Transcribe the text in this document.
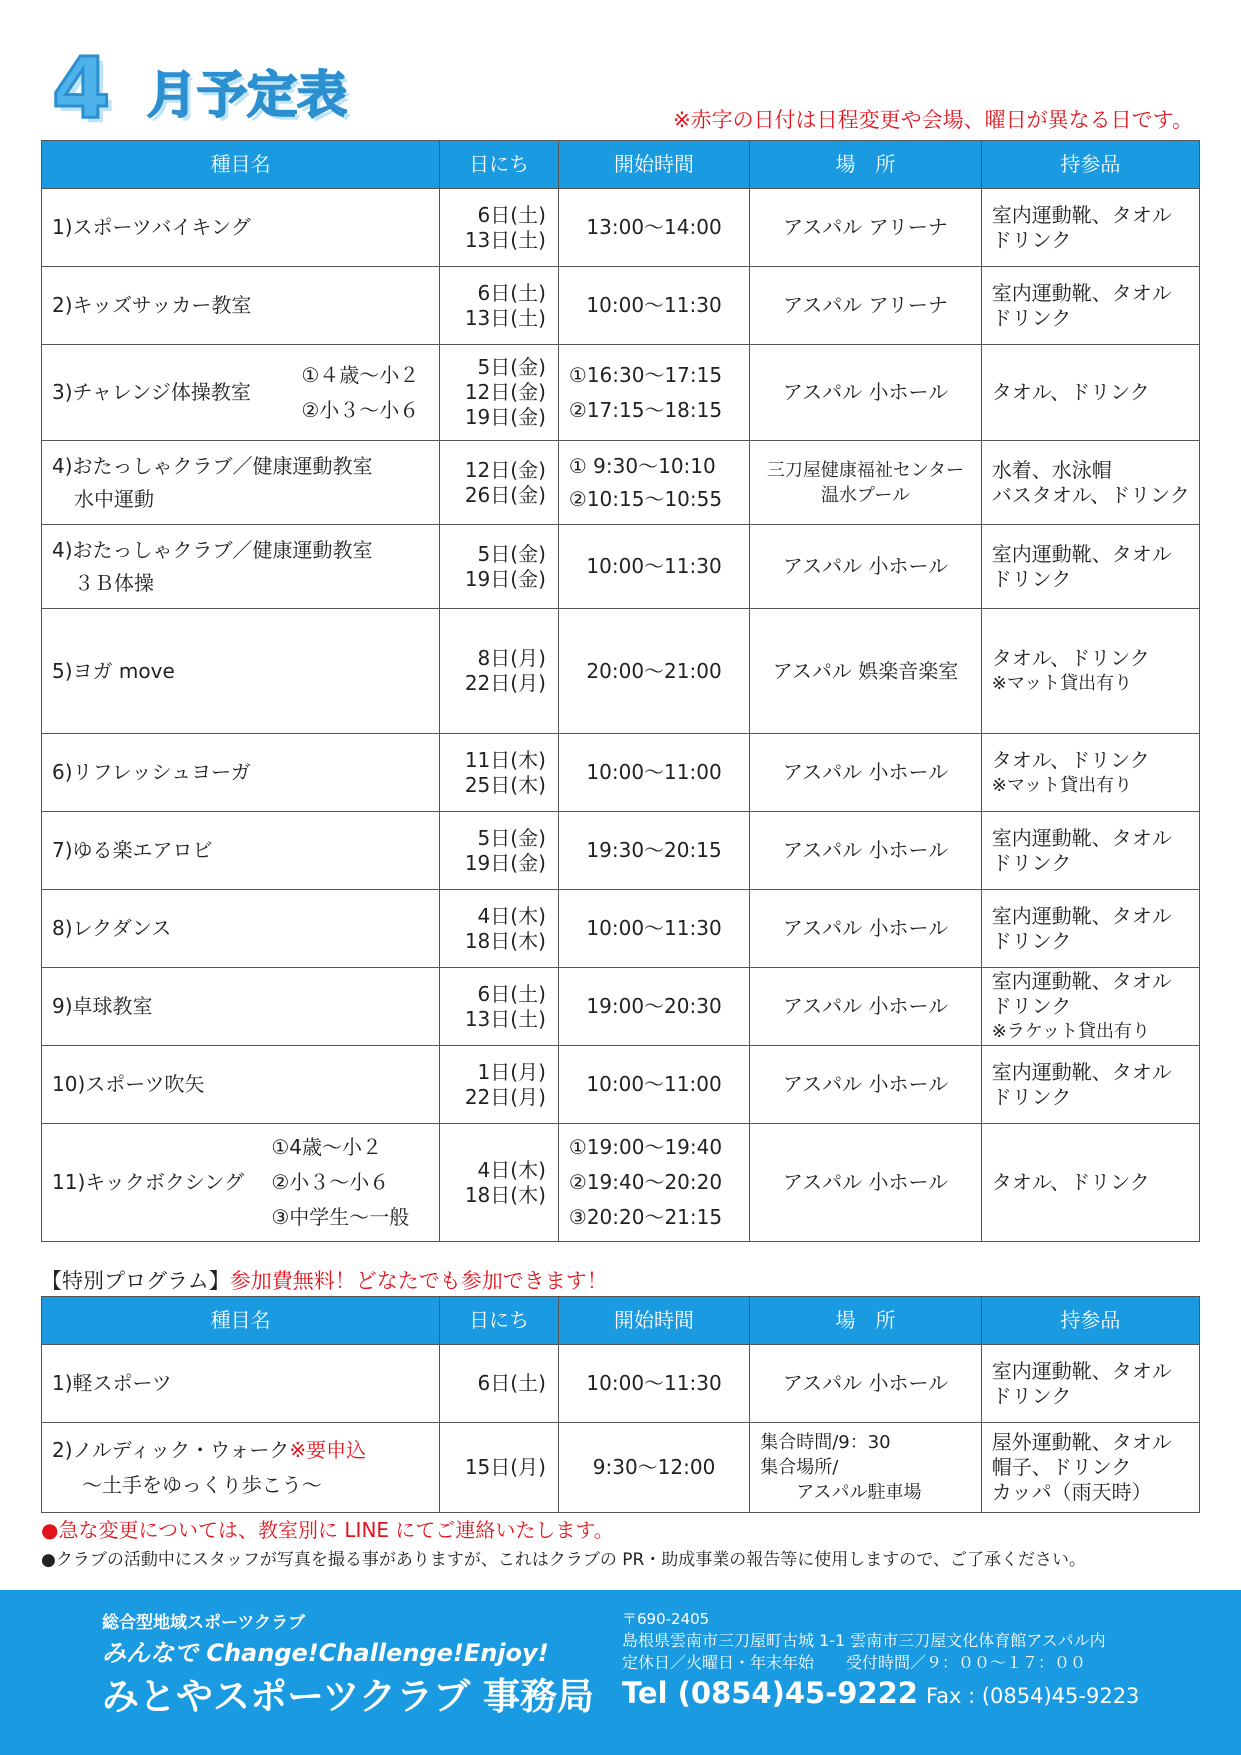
4 月予定表	※赤字の日付は日程変更や会場、曜日が異なる日です。
種目名	日にち	開始時間	場　所	持参品
1)スポーツバイキング	6日(土)
13日(土)	13:00～14:00	アスパル アリーナ	室内運動靴、タオル
ドリンク

2)キッズサッカー教室	6日(土)
13日(土)	10:00～11:30	アスパル アリーナ	室内運動靴、タオル
ドリンク

3)チャレンジ体操教室
①４歳～小２
②小３～小６	5日(金)
12日(金)
19日(金)	①16:30～17:15
②17:15～18:15	アスパル 小ホール	タオル、ドリンク

4)おたっしゃクラブ／健康運動教室
水中運動	12日(金)
26日(金)	① 9:30～10:10
②10:15～10:55	三刀屋健康福祉センター
温水プール	水着、水泳帽
バスタオル、ドリンク

4)おたっしゃクラブ／健康運動教室
３Ｂ体操	5日(金)
19日(金)	10:00～11:30	アスパル 小ホール	室内運動靴、タオル
ドリンク

5)ヨガ move	8日(月)
22日(月)	20:00～21:00	アスパル 娯楽音楽室	タオル、ドリンク
※マット貸出有り

6)リフレッシュヨーガ	11日(木)
25日(木)	10:00～11:00	アスパル 小ホール	タオル、ドリンク
※マット貸出有り

7)ゆる楽エアロビ	5日(金)
19日(金)	19:30～20:15	アスパル 小ホール	室内運動靴、タオル
ドリンク

8)レクダンス	4日(木)
18日(木)	10:00～11:30	アスパル 小ホール	室内運動靴、タオル
ドリンク

9)卓球教室	6日(土)
13日(土)	19:00～20:30	アスパル 小ホール	室内運動靴、タオル
ドリンク
※ラケット貸出有り

10)スポーツ吹矢	1日(月)
22日(月)	10:00～11:00	アスパル 小ホール	室内運動靴、タオル
ドリンク

11)キックボクシング
①4歳～小２
②小３～小６
③中学生～一般	4日(木)
18日(木)	①19:00～19:40
②19:40～20:20
③20:20～21:15	アスパル 小ホール	タオル、ドリンク
【特別プログラム】参加費無料！どなたでも参加できます！
種目名	日にち	開始時間	場　所	持参品
1)軽スポーツ	6日(土)	10:00～11:30	アスパル 小ホール	室内運動靴、タオル
ドリンク

2)ノルディック・ウォーク※要申込
～土手をゆっくり歩こう～	15日(月)	9:30～12:00	集合時間/9：30
集合場所/
アスパル駐車場	屋外運動靴、タオル
帽子、ドリンク
カッパ（雨天時）
●急な変更については、教室別に LINE にてご連絡いたします。
●クラブの活動中にスタッフが写真を撮る事がありますが、これはクラブの PR・助成事業の報告等に使用しますので、ご了承ください。
総合型地域スポーツクラブ
みんなで Change!Challenge!Enjoy!
みとやスポーツクラブ 事務局
〒690-2405
島根県雲南市三刀屋町古城 1-1 雲南市三刀屋文化体育館アスパル内
定休日／火曜日・年末年始　　受付時間／９：００～１７：００
Tel (0854)45-9222 Fax : (0854)45-9223
